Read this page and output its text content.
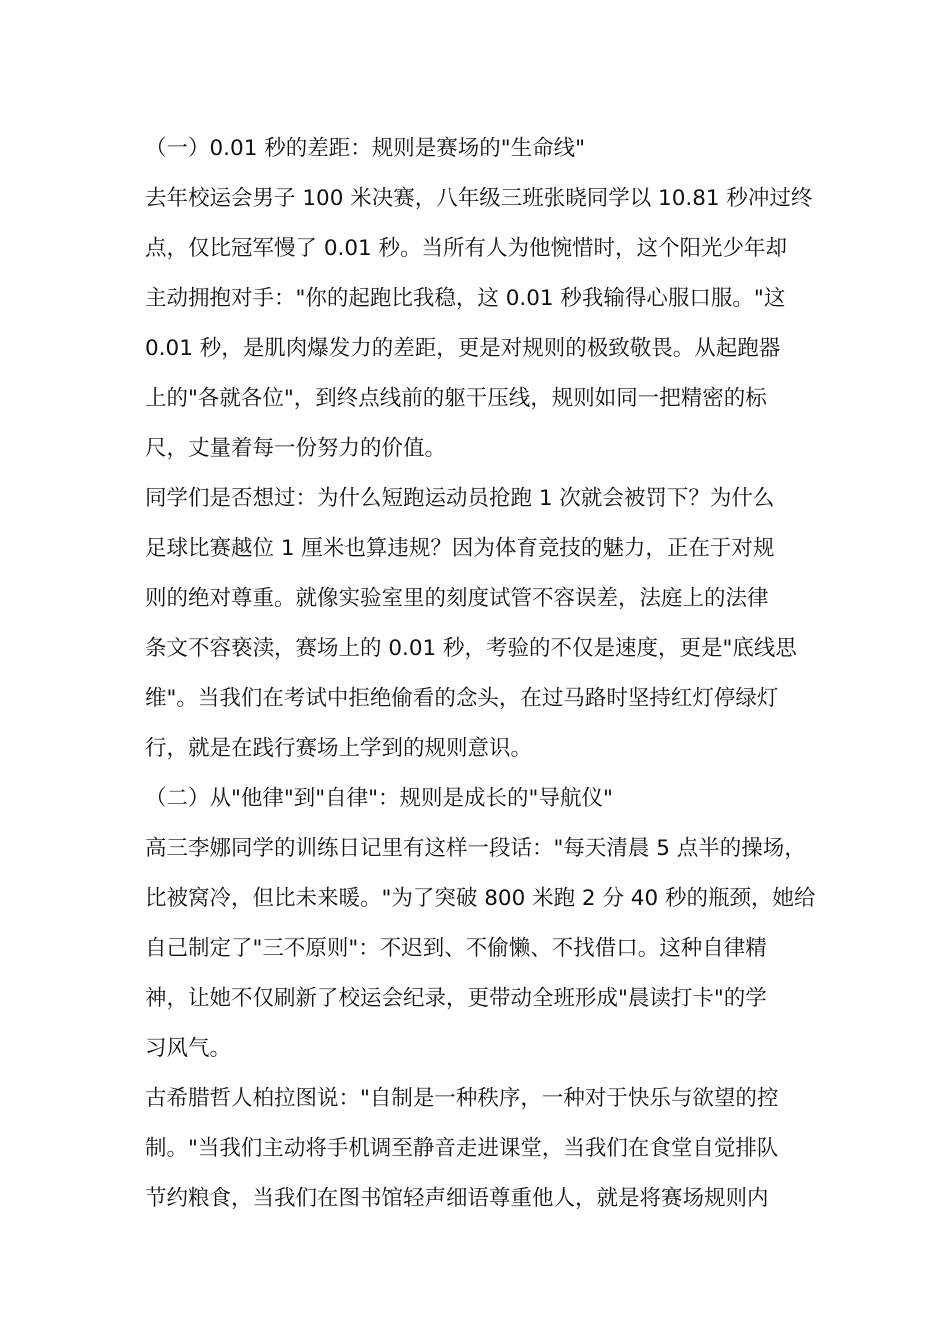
（一）0.01 秒的差距：规则是赛场的"生命线"
去年校运会男子 100 米决赛，八年级三班张晓同学以 10.81 秒冲过终
点，仅比冠军慢了 0.01 秒。当所有人为他惋惜时，这个阳光少年却
主动拥抱对手："你的起跑比我稳，这 0.01 秒我输得心服口服。"这
0.01 秒，是肌肉爆发力的差距，更是对规则的极致敬畏。从起跑器
上的"各就各位"，到终点线前的躯干压线，规则如同一把精密的标
尺，丈量着每一份努力的价值。
同学们是否想过：为什么短跑运动员抢跑 1 次就会被罚下？为什么
足球比赛越位 1 厘米也算违规？因为体育竞技的魅力，正在于对规
则的绝对尊重。就像实验室里的刻度试管不容误差，法庭上的法律
条文不容亵渎，赛场上的 0.01 秒，考验的不仅是速度，更是"底线思
维"。当我们在考试中拒绝偷看的念头，在过马路时坚持红灯停绿灯
行，就是在践行赛场上学到的规则意识。
（二）从"他律"到"自律"：规则是成长的"导航仪"
高三李娜同学的训练日记里有这样一段话："每天清晨 5 点半的操场，
比被窝冷，但比未来暖。"为了突破 800 米跑 2 分 40 秒的瓶颈，她给
自己制定了"三不原则"：不迟到、不偷懒、不找借口。这种自律精
神，让她不仅刷新了校运会纪录，更带动全班形成"晨读打卡"的学
习风气。
古希腊哲人柏拉图说："自制是一种秩序，一种对于快乐与欲望的控
制。"当我们主动将手机调至静音走进课堂，当我们在食堂自觉排队
节约粮食，当我们在图书馆轻声细语尊重他人，就是将赛场规则内
